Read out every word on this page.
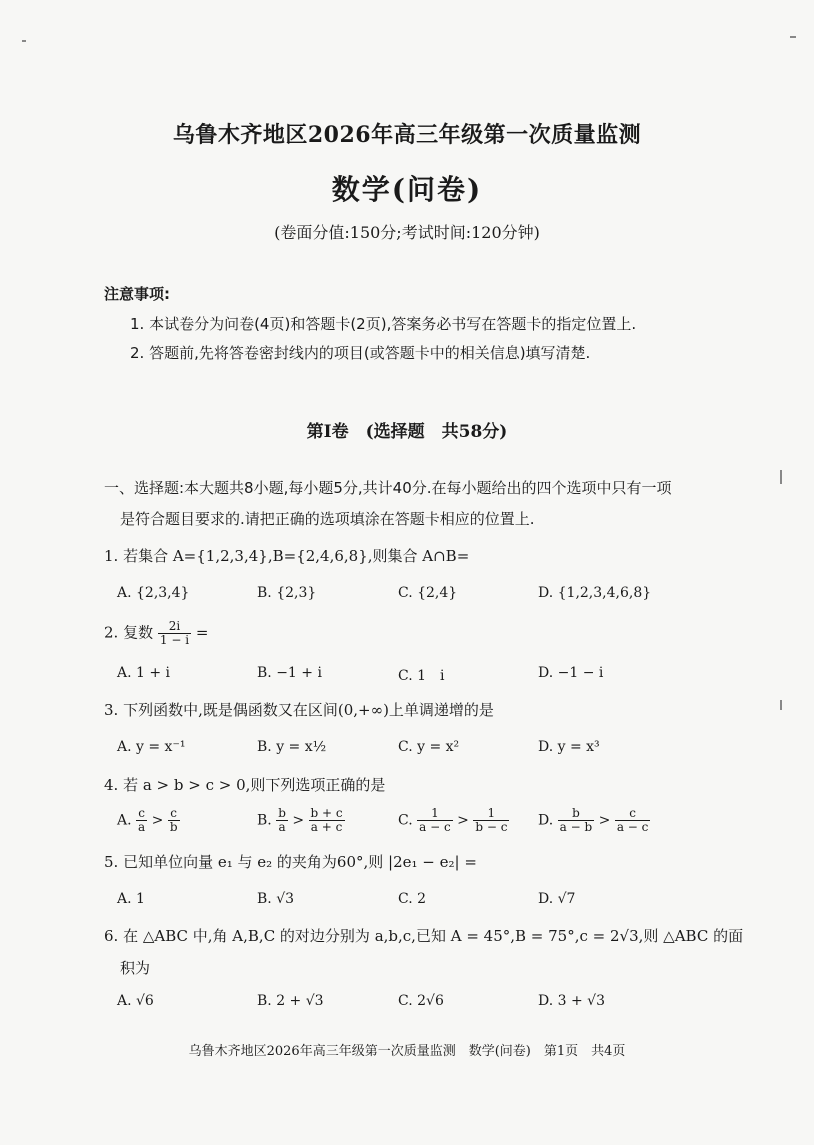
乌鲁木齐地区2026年高三年级第一次质量监测
数学(问卷)
(卷面分值:150分;考试时间:120分钟)
注意事项:
1. 本试卷分为问卷(4页)和答题卡(2页),答案务必书写在答题卡的指定位置上.
2. 答题前,先将答卷密封线内的项目(或答题卡中的相关信息)填写清楚.
第Ⅰ卷　(选择题　共58分)
一、选择题:本大题共8小题,每小题5分,共计40分.在每小题给出的四个选项中只有一项
是符合题目要求的.请把正确的选项填涂在答题卡相应的位置上.
1. 若集合 A={1,2,3,4},B={2,4,6,8},则集合 A∩B=
A. {2,3,4}	B. {2,3}	C. {2,4}	D. {1,2,3,4,6,8}
2. 复数 $\frac{2i}{1 - i}$ =
A. 1 + i	B. −1 + i	C. 1　i	D. −1 − i
3. 下列函数中,既是偶函数又在区间(0,+∞)上单调递增的是
A. y = x⁻¹	B. y = x½	C. y = x²	D. y = x³
4. 若 a > b > c > 0,则下列选项正确的是
A. $\frac{c}{a} > \frac{c}{b}$	B. $\frac{b}{a} > \frac{b + c}{a + c}$	C. $\frac{1}{a - c} > \frac{1}{b - c} D$. $\frac{b}{a - b} > \frac{c}{a - c}$
5. 已知单位向量 e₁ 与 e₂ 的夹角为60°,则 |2e₁ − e₂| =
A. 1	B. √3	C. 2	D. √7
6. 在 △ABC 中,角 A,B,C 的对边分别为 a,b,c,已知 A = 45°,B = 75°,c = 2√3,则 △ABC 的面
积为
A. √6	B. 2 + √3	C. 2√6	D. 3 + √3
乌鲁木齐地区2026年高三年级第一次质量监测　数学(问卷)　第1页　共4页
